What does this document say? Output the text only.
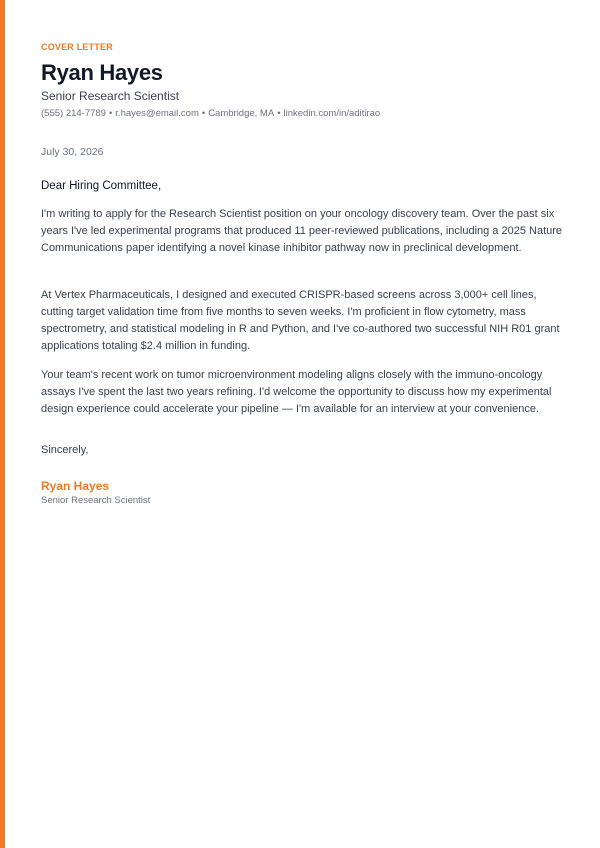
COVER LETTER
Ryan Hayes
Senior Research Scientist
(555) 214-7789 • r.hayes@email.com • Cambridge, MA • linkedin.com/in/aditirao
July 30, 2026
Dear Hiring Committee,

I'm writing to apply for the Research Scientist position on your oncology discovery team. Over the past six years I've led experimental programs that produced 11 peer-reviewed publications, including a 2025 Nature Communications paper identifying a novel kinase inhibitor pathway now in preclinical development.

At Vertex Pharmaceuticals, I designed and executed CRISPR-based screens across 3,000+ cell lines, cutting target validation time from five months to seven weeks. I'm proficient in flow cytometry, mass spectrometry, and statistical modeling in R and Python, and I've co-authored two successful NIH R01 grant applications totaling $2.4 million in funding.

Your team's recent work on tumor microenvironment modeling aligns closely with the immuno-oncology assays I've spent the last two years refining. I'd welcome the opportunity to discuss how my experimental design experience could accelerate your pipeline — I'm available for an interview at your convenience.

Sincerely,
Ryan Hayes
Senior Research Scientist
